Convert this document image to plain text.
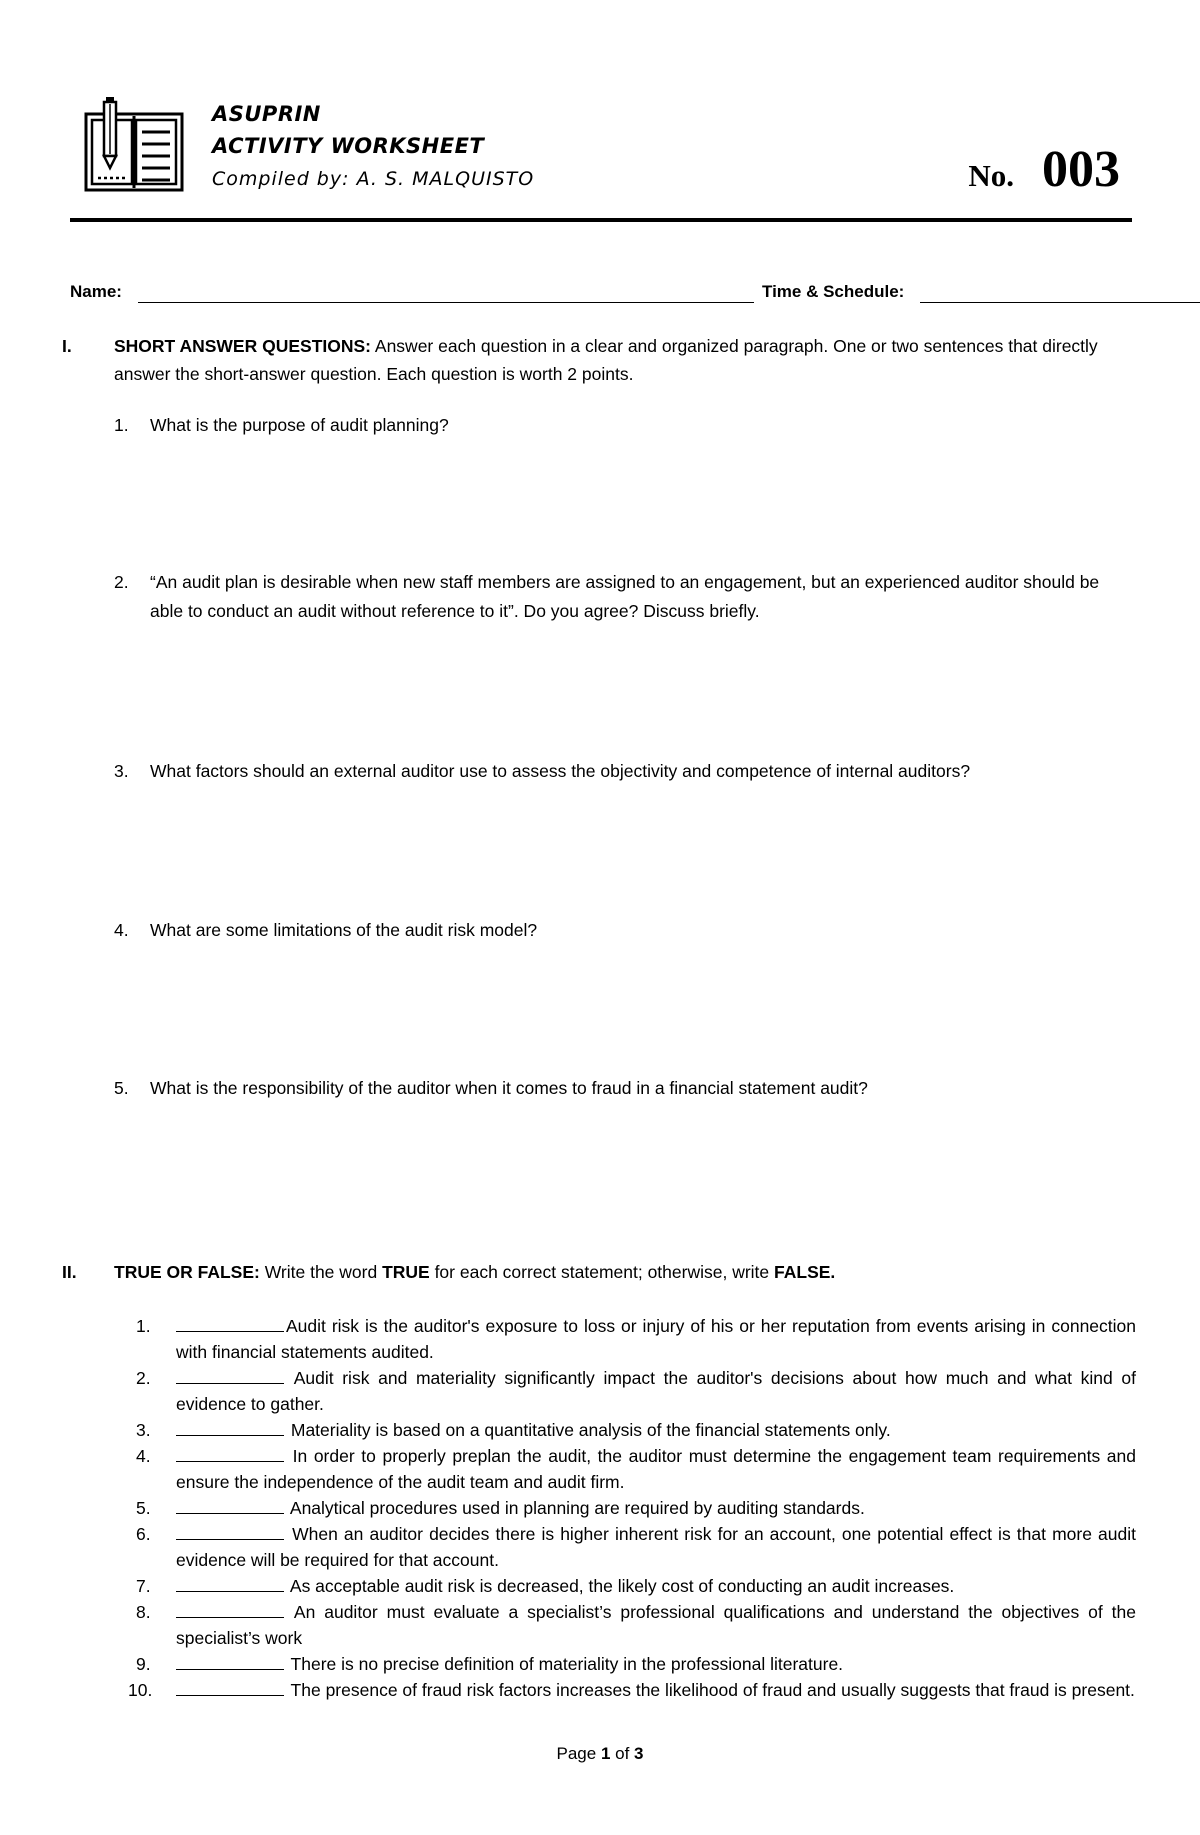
ASUPRIN
ACTIVITY WORKSHEET
Compiled by: A. S. MALQUISTO	No. 003
Name:	Time & Schedule:
I. SHORT ANSWER QUESTIONS: Answer each question in a clear and organized paragraph. One or two sentences that directly answer the short-answer question. Each question is worth 2 points.
1. What is the purpose of audit planning?
2. “An audit plan is desirable when new staff members are assigned to an engagement, but an experienced auditor should be able to conduct an audit without reference to it”. Do you agree? Discuss briefly.
3. What factors should an external auditor use to assess the objectivity and competence of internal auditors?
4. What are some limitations of the audit risk model?
5. What is the responsibility of the auditor when it comes to fraud in a financial statement audit?
II. TRUE OR FALSE: Write the word TRUE for each correct statement; otherwise, write FALSE.
1.	Audit risk is the auditor's exposure to loss or injury of his or her reputation from events arising in connection with financial statements audited.
2.	Audit risk and materiality significantly impact the auditor's decisions about how much and what kind of evidence to gather.
3.	Materiality is based on a quantitative analysis of the financial statements only.
4.	In order to properly preplan the audit, the auditor must determine the engagement team requirements and ensure the independence of the audit team and audit firm.
5.	Analytical procedures used in planning are required by auditing standards.
6.	When an auditor decides there is higher inherent risk for an account, one potential effect is that more audit evidence will be required for that account.
7.	As acceptable audit risk is decreased, the likely cost of conducting an audit increases.
8.	An auditor must evaluate a specialist’s professional qualifications and understand the objectives of the specialist’s work
9.	There is no precise definition of materiality in the professional literature.
10.	The presence of fraud risk factors increases the likelihood of fraud and usually suggests that fraud is present.
Page 1 of 3
